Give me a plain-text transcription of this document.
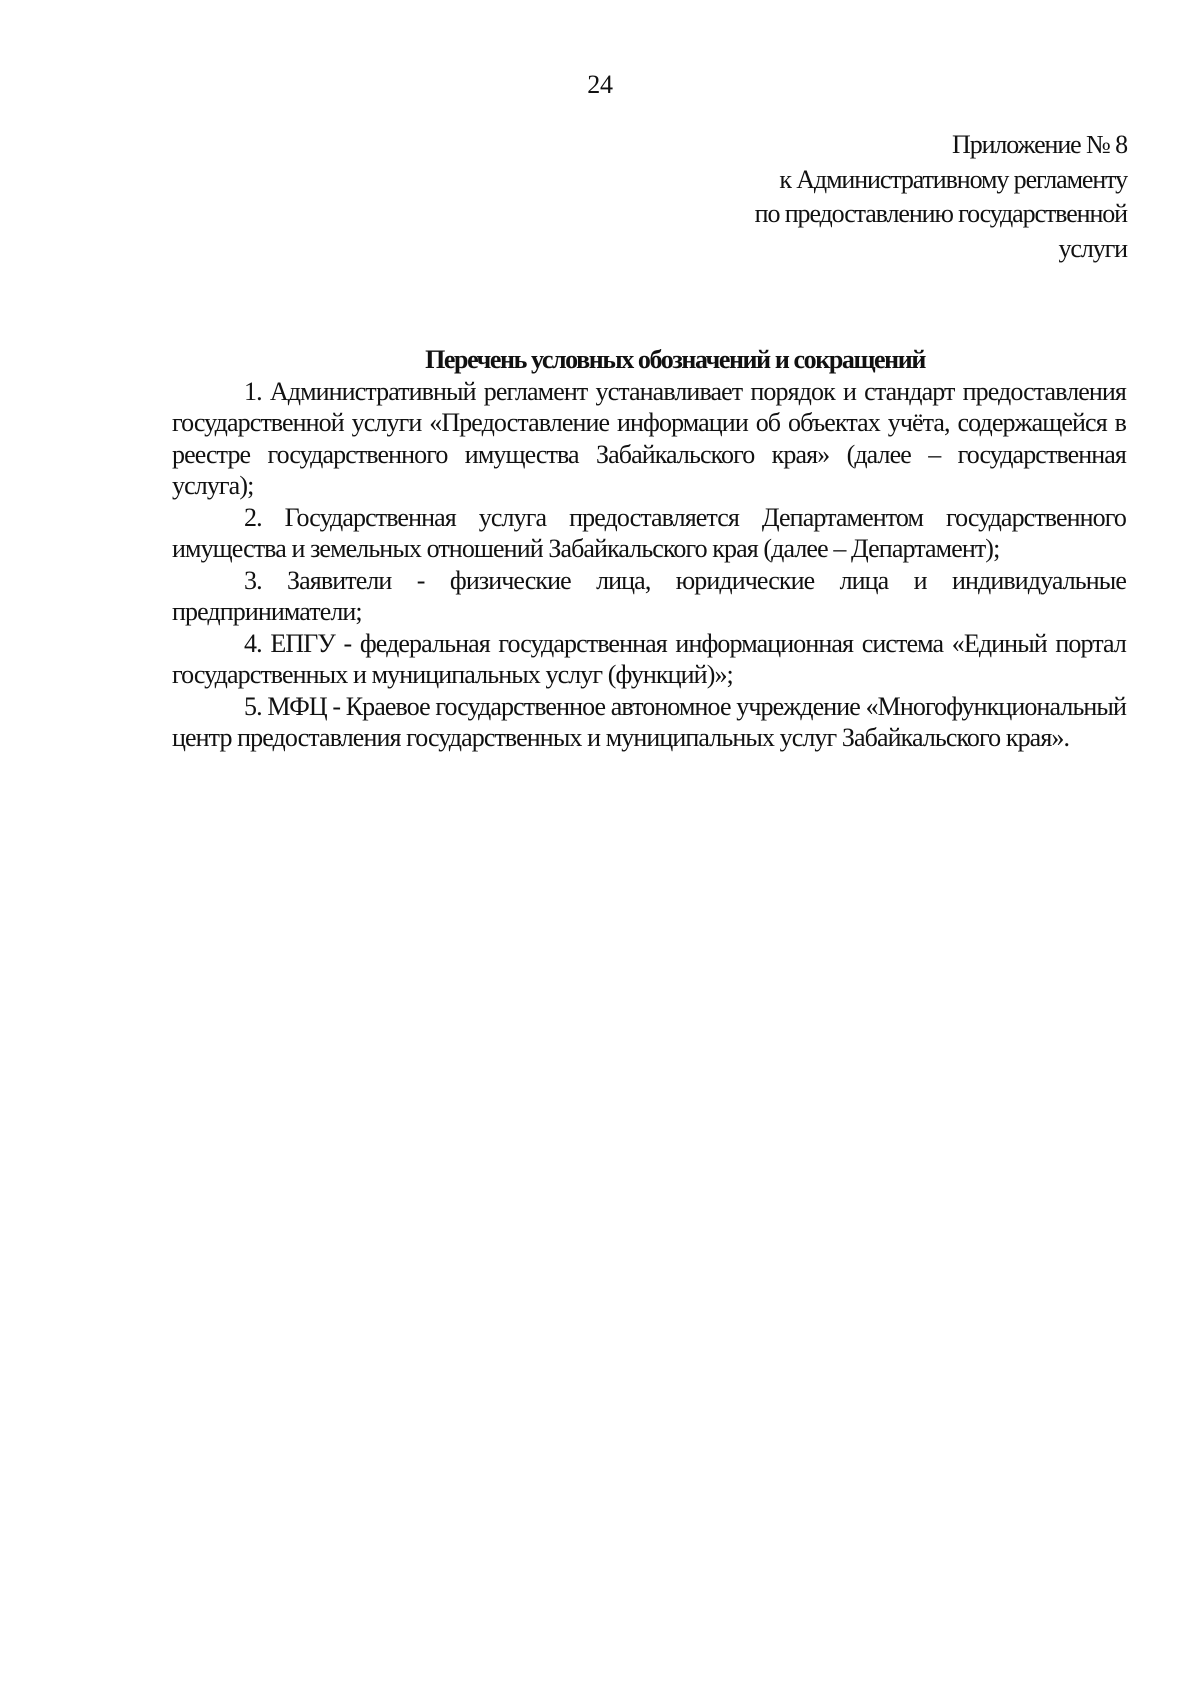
24
Приложение № 8
к Административному регламенту
по предоставлению государственной
услуги
Перечень условных обозначений и сокращений

1. Административный регламент устанавливает порядок и стандарт предоставления государственной услуги «Предоставление информации об объектах учёта, содержащейся в реестре государственного имущества Забайкальского края» (далее – государственная услуга);

2. Государственная услуга предоставляется Департаментом государственного имущества и земельных отношений Забайкальского края (далее – Департамент);

3. Заявители - физические лица, юридические лица и индивидуальные предприниматели;

4. ЕПГУ - федеральная государственная информационная система «Единый портал государственных и муниципальных услуг (функций)»;

5. МФЦ - Краевое государственное автономное учреждение «Многофункциональный центр предоставления государственных и муниципальных услуг Забайкальского края».
